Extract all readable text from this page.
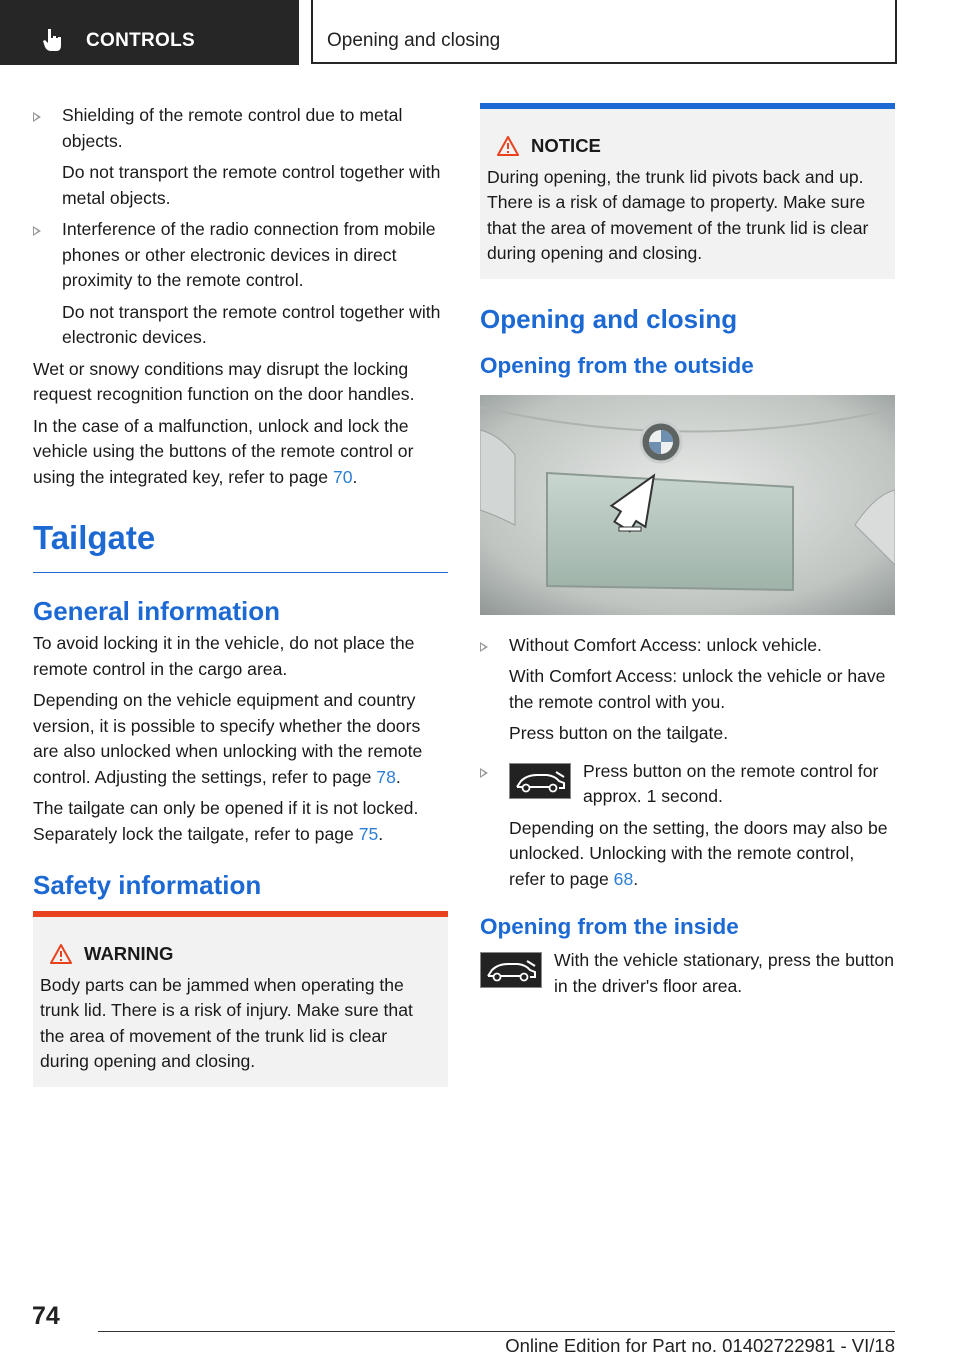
CONTROLS	Opening and closing
Shielding of the remote control due to metal objects.
Do not transport the remote control together with metal objects.
Interference of the radio connection from mobile phones or other electronic devices in direct proximity to the remote control.
Do not transport the remote control together with electronic devices.

Wet or snowy conditions may disrupt the locking request recognition function on the door handles.

In the case of a malfunction, unlock and lock the vehicle using the buttons of the remote control or using the integrated key, refer to page 70.

Tailgate
General information

To avoid locking it in the vehicle, do not place the remote control in the cargo area.

Depending on the vehicle equipment and country version, it is possible to specify whether the doors are also unlocked when unlocking with the remote control. Adjusting the settings, refer to page 78.

The tailgate can only be opened if it is not locked. Separately lock the tailgate, refer to page 75.

Safety information
WARNING
Body parts can be jammed when operating the trunk lid. There is a risk of injury. Make sure that the area of movement of the trunk lid is clear during opening and closing.
NOTICE
During opening, the trunk lid pivots back and up. There is a risk of damage to property. Make sure that the area of movement of the trunk lid is clear during opening and closing.
Opening and closing
Opening from the outside
Without Comfort Access: unlock vehicle.
With Comfort Access: unlock the vehicle or have the remote control with you.
Press button on the tailgate.
Press button on the remote control for approx. 1 second.
Depending on the setting, the doors may also be unlocked. Unlocking with the remote control, refer to page 68.
Opening from the inside
With the vehicle stationary, press the button in the driver's floor area.
74
Online Edition for Part no. 01402722981 - VI/18
